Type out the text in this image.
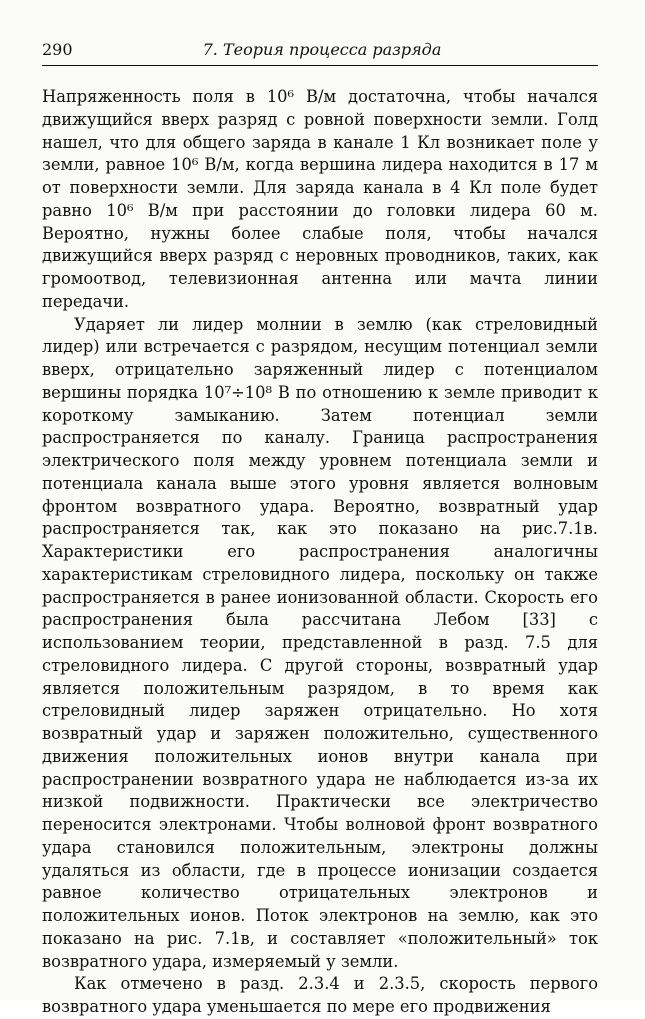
290	7. Теория процесса разряда

Напряженность поля в 10⁶ В/м достаточна, чтобы начался движущийся вверх разряд с ровной поверхности земли. Голд нашел, что для общего заряда в канале 1 Кл возникает поле у земли, равное 10⁶ В/м, когда вершина лидера находится в 17 м от поверхности земли. Для заряда канала в 4 Кл поле будет равно 10⁶ В/м при расстоянии до головки лидера 60 м. Вероятно, нужны более слабые поля, чтобы начался движущийся вверх разряд с неровных проводников, таких, как громоотвод, телевизионная антенна или мачта линии передачи.

Ударяет ли лидер молнии в землю (как стреловидный лидер) или встречается с разрядом, несущим потенциал земли вверх, отрицательно заряженный лидер с потенциалом вершины порядка 10⁷÷10⁸ В по отношению к земле приводит к короткому замыканию. Затем потенциал земли распространяется по каналу. Граница распространения электрического поля между уровнем потенциала земли и потенциала канала выше этого уровня является волновым фронтом возвратного удара. Вероятно, возвратный удар распространяется так, как это показано на рис.7.1в. Характеристики его распространения аналогичны характеристикам стреловидного лидера, поскольку он также распространяется в ранее ионизованной области. Скорость его распространения была рассчитана Лебом [33] с использованием теории, представленной в разд. 7.5 для стреловидного лидера. С другой стороны, возвратный удар является положительным разрядом, в то время как стреловидный лидер заряжен отрицательно. Но хотя возвратный удар и заряжен положительно, существенного движения положительных ионов внутри канала при распространении возвратного удара не наблюдается из-за их низкой подвижности. Практически все электричество переносится электронами. Чтобы волновой фронт возвратного удара становился положительным, электроны должны удаляться из области, где в процессе ионизации создается равное количество отрицательных электронов и положительных ионов. Поток электронов на землю, как это показано на рис. 7.1в, и составляет «положительный» ток возвратного удара, измеряемый у земли.

Как отмечено в разд. 2.3.4 и 2.3.5, скорость первого возвратного удара уменьшается по мере его продвижения
